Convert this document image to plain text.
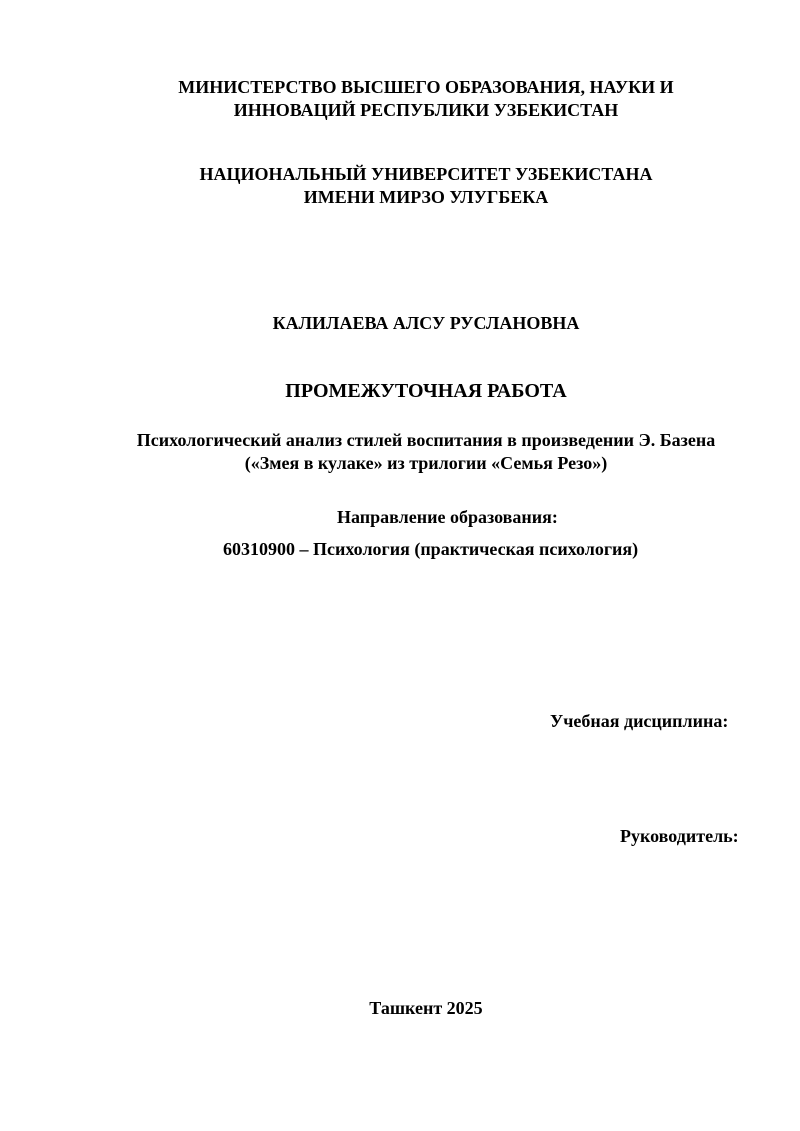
МИНИСТЕРСТВО ВЫСШЕГО ОБРАЗОВАНИЯ, НАУКИ И
ИННОВАЦИЙ РЕСПУБЛИКИ УЗБЕКИСТАН
НАЦИОНАЛЬНЫЙ УНИВЕРСИТЕТ УЗБЕКИСТАНА
ИМЕНИ МИРЗО УЛУГБЕКА
КАЛИЛАЕВА АЛСУ РУСЛАНОВНА
ПРОМЕЖУТОЧНАЯ РАБОТА
Психологический анализ стилей воспитания в произведении Э. Базена
(«Змея в кулаке» из трилогии «Семья Резо»)
Направление образования:
60310900 – Психология (практическая психология)
Учебная дисциплина:
Руководитель:
Ташкент 2025
